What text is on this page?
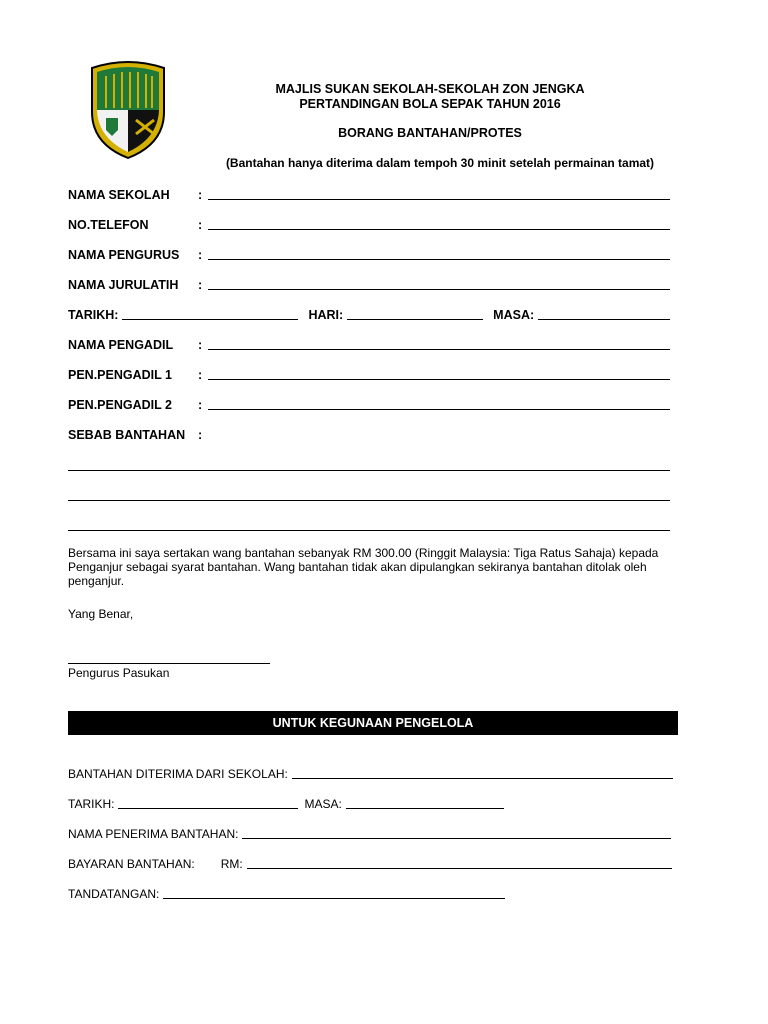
MAJLIS SUKAN SEKOLAH-SEKOLAH ZON JENGKA
PERTANDINGAN BOLA SEPAK TAHUN 2016
BORANG BANTAHAN/PROTES
(Bantahan hanya diterima dalam tempoh 30 minit setelah permainan tamat)
NAMA SEKOLAH	:
NO.TELEFON	:
NAMA PENGURUS	:
NAMA JURULATIH	:
TARIKH:	HARI:	MASA:
NAMA PENGADIL	:
PEN.PENGADIL 1	:
PEN.PENGADIL 2	:
SEBAB BANTAHAN	:
Bersama ini saya sertakan wang bantahan sebanyak RM 300.00 (Ringgit Malaysia: Tiga Ratus Sahaja) kepada Penganjur sebagai syarat bantahan. Wang bantahan tidak akan dipulangkan sekiranya bantahan ditolak oleh penganjur.
Yang Benar,
Pengurus Pasukan
UNTUK KEGUNAAN PENGELOLA
BANTAHAN DITERIMA DARI SEKOLAH:
TARIKH:	MASA:
NAMA PENERIMA BANTAHAN:
BAYARAN BANTAHAN: RM:
TANDATANGAN:
